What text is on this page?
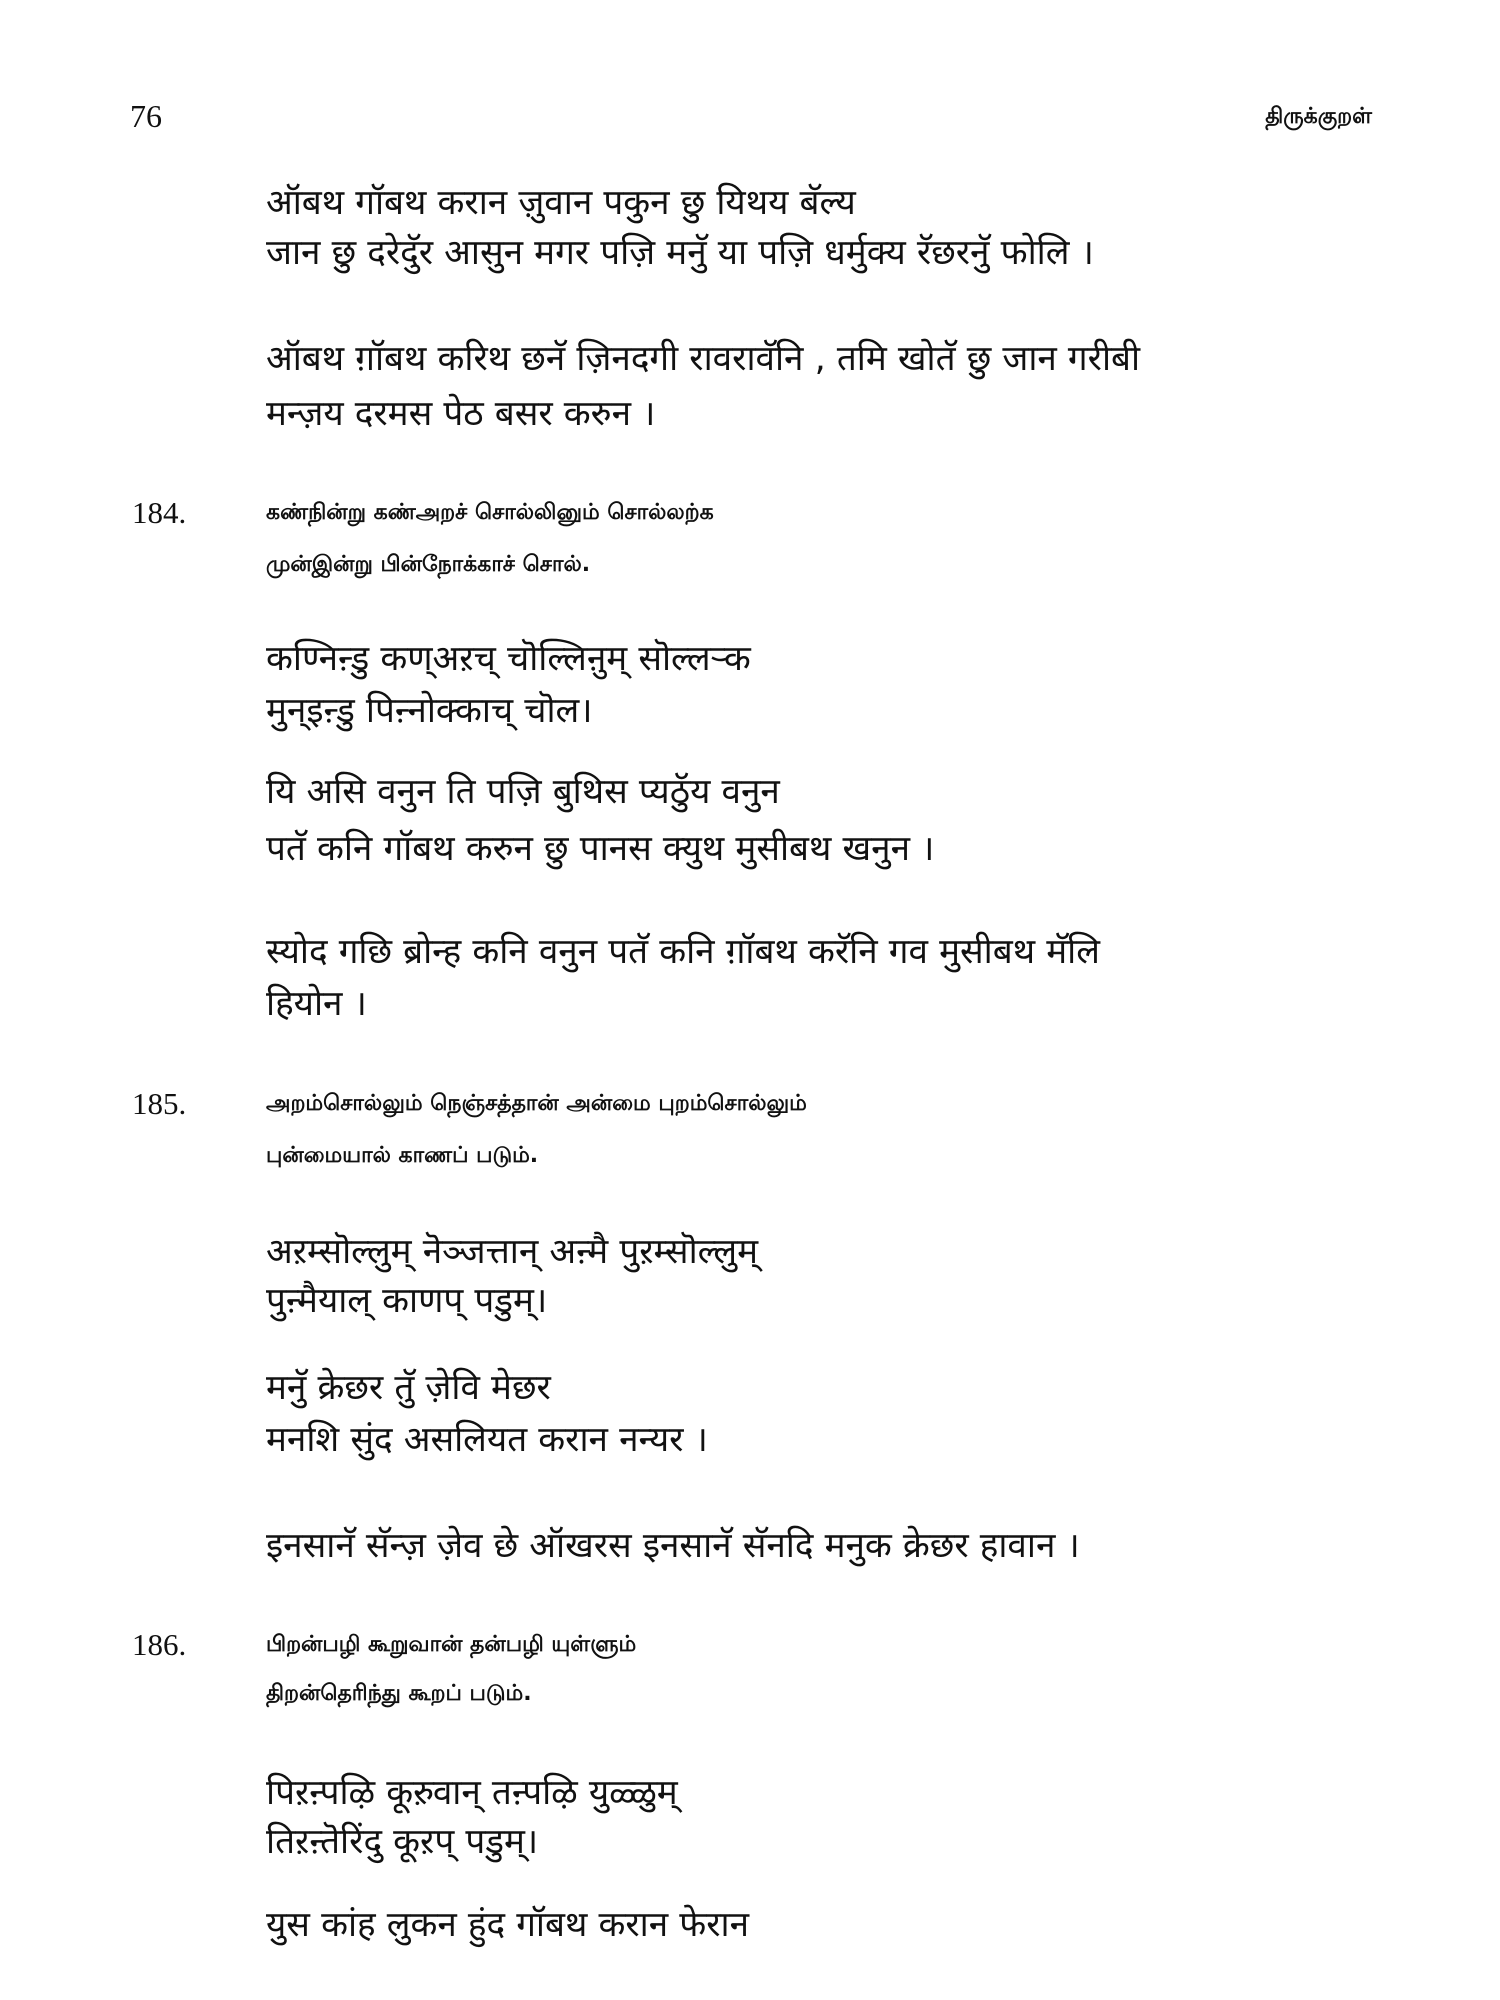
76	திருக்குறள்
ऑबथ गॉबथ करान ज़ुवान पकुन छु यिथय बॅल्य
जान छु दरेदुॅर आसुन मगर पज़ि मनुॅ या पज़ि धर्मुक्य रॅछरनुॅ फोलि ।
ऑबथ ग़ॉबथ करिथ छनॅ ज़िनदगी रावरावॅनि , तमि खोतॅ छु जान गरीबी
मन्ज़य दरमस पेठ बसर करुन ।
184.	கண்நின்று கண்அறச் சொல்லினும் சொல்லற்க
முன்இன்று பின்நோக்காச் சொல்.
कण्निऩ्डु कण्अऱच् चॊल्लिऩुम् सॊल्लऱ्क
मुन्इऩ्डु पिऩ्नोक्काच् चॊल।
यि असि वनुन ति पज़ि बुथिस प्यठुॅय वनुन
पतॅ कनि गॉबथ करुन छु पानस क्युथ मुसीबथ खनुन ।
स्योद गछि ब्रोन्ह कनि वनुन पतॅ कनि ग़ॉबथ करॅनि गव मुसीबथ मॅलि
हियोन ।
185.	அறம்சொல்லும் நெஞ்சத்தான் அன்மை புறம்சொல்லும்
புன்மையால் காணப் படும்.
अऱम्सॊल्लुम् नॆञ्जत्तान् अऩ्मै पुऱम्सॊल्लुम्
पुऩ्मैयाल् काणप् पडुम्।
मनुॅ क्रेछर तुॅ ज़ेवि मेछर
मनशि सुंद असलियत करान नन्यर ।
इनसानॅ सॅन्ज़ ज़ेव छे ऑखरस इनसानॅ सॅनदि मनुक क्रेछर हावान ।
186.	பிறன்பழி கூறுவான் தன்பழி யுள்ளும்
திறன்தெரிந்து கூறப் படும்.
पिऱऩ्पऴि कूऱुवान् तऩ्पऴि युळ्ळुम्
तिऱऩ्तॆरिंदु कूऱप् पडुम्।
युस कांह लुकन हुंद गॉबथ करान फेरान
